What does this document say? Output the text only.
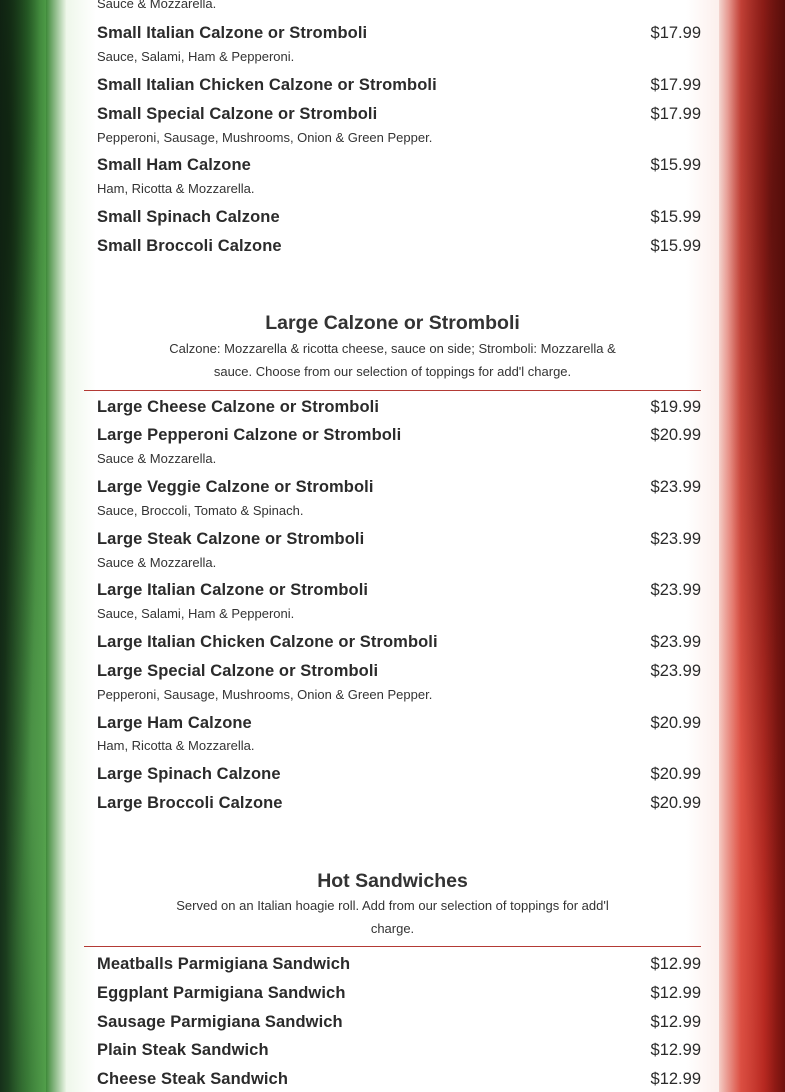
Sauce & Mozzarella.
Small Italian Calzone or Stromboli	$17.99
Sauce, Salami, Ham & Pepperoni.
Small Italian Chicken Calzone or Stromboli	$17.99
Small Special Calzone or Stromboli	$17.99
Pepperoni, Sausage, Mushrooms, Onion & Green Pepper.
Small Ham Calzone	$15.99
Ham, Ricotta & Mozzarella.
Small Spinach Calzone	$15.99
Small Broccoli Calzone	$15.99
Large Calzone or Stromboli
Calzone: Mozzarella & ricotta cheese, sauce on side; Stromboli: Mozzarella &
sauce. Choose from our selection of toppings for add'l charge.
Large Cheese Calzone or Stromboli	$19.99
Large Pepperoni Calzone or Stromboli	$20.99
Sauce & Mozzarella.
Large Veggie Calzone or Stromboli	$23.99
Sauce, Broccoli, Tomato & Spinach.
Large Steak Calzone or Stromboli	$23.99
Sauce & Mozzarella.
Large Italian Calzone or Stromboli	$23.99
Sauce, Salami, Ham & Pepperoni.
Large Italian Chicken Calzone or Stromboli	$23.99
Large Special Calzone or Stromboli	$23.99
Pepperoni, Sausage, Mushrooms, Onion & Green Pepper.
Large Ham Calzone	$20.99
Ham, Ricotta & Mozzarella.
Large Spinach Calzone	$20.99
Large Broccoli Calzone	$20.99
Hot Sandwiches
Served on an Italian hoagie roll. Add from our selection of toppings for add'l
charge.
Meatballs Parmigiana Sandwich	$12.99
Eggplant Parmigiana Sandwich	$12.99
Sausage Parmigiana Sandwich	$12.99
Plain Steak Sandwich	$12.99
Cheese Steak Sandwich	$12.99
